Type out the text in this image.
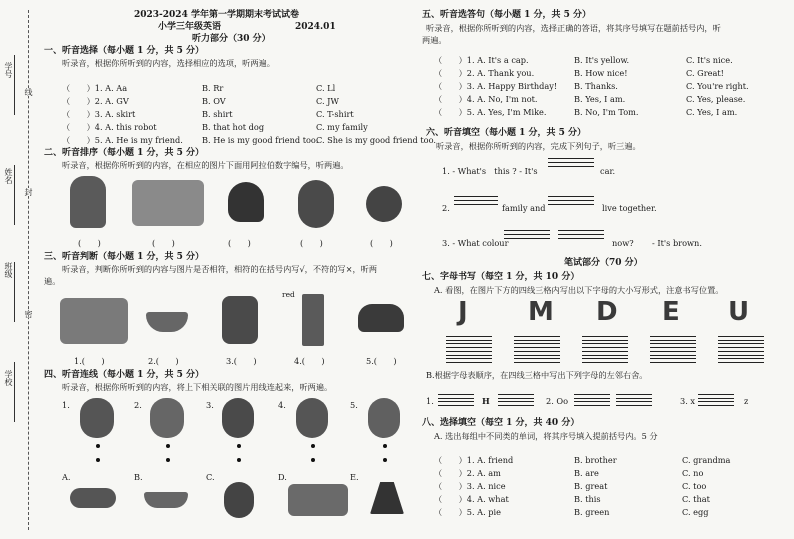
学号
姓名
班级
学校
线
封
密
2023-2024 学年第一学期期末考试试卷
小学三年级英语	2024.01
听力部分（30 分）
一、听音选择（每小题 1 分，共 5 分）
听录音，根据你所听到的内容，选择相应的选项，听两遍。
（　　）1. A. Aa	B. Rr	C. Ll
（　　）2. A. GV	B. OV	C. JW
（　　）3. A. skirt	B. shirt	C. T-shirt
（　　）4. A. this robot	B. that hot dog	C. my family
（　　）5. A. He is my friend. B. He is my good friend too.
C. She is my good friend too.
二、听音排序（每小题 1 分，共 5 分）
听录音，根据你所听到的内容，在相应的图片下面用阿拉伯数字编号，听两遍。
(　　)	(　　)	(　　)	(　　)	(　　)
三、听音判断（每小题 1 分，共 5 分）
听录音，判断你所听到的内容与图片是否相符，相符的在括号内写√，不符的写×，听两
遍。
red
1.(　　)	2.(　　)	3.(　　)	4.(　　)	5.(　　)
四、听音连线（每小题 1 分，共 5 分）
听录音，根据你所听到的内容，将上下相关联的图片用线连起来，听两遍。
1.	2.	3.	4.	5.
A.	B.	C.	D.	E.
五、听音选答句（每小题 1 分，共 5 分）
听录音，根据你所听到的内容，选择正确的答语，将其序号填写在题前括号内，听
两遍。
（　　）1. A. It's a cap.	B. It's yellow.	C. It's nice.
（　　）2. A. Thank you.	B. How nice!	C. Great!
（　　）3. A. Happy Birthday! B. Thanks.	C. You're right.
（　　）4. A. No, I'm not.	B. Yes, I am.	C. Yes, please.
（　　）5. A. Yes, I'm Mike.	B. No, I'm Tom.	C. Yes, I am.
六、听音填空（每小题 1 分，共 5 分）
听录音，根据你所听到的内容，完成下列句子，听三遍。
1. - What's　this ? - It's	car.
2.	family and	live together.
3. - What colour	now? - It's brown.
笔试部分（70 分）
七、字母书写（每空 1 分，共 10 分）
A. 看图，在图片下方的四线三格内写出以下字母的大小写形式，注意书写位置。
J M D E U
B.根据字母表顺序，在四线三格中写出下列字母的左邻右舍。
1.	H	2. Oo	3. x	z
八、选择填空（每空 1 分，共 40 分）
A. 选出每组中不同类的单词，将其序号填入提前括号内。5 分
（　　）1. A. friend	B. brother	C. grandma
（　　）2. A. am	B. are	C. no
（　　）3. A. nice	B. great	C. too
（　　）4. A. what	B. this	C. that
（　　）5. A. pie	B. green	C. egg
